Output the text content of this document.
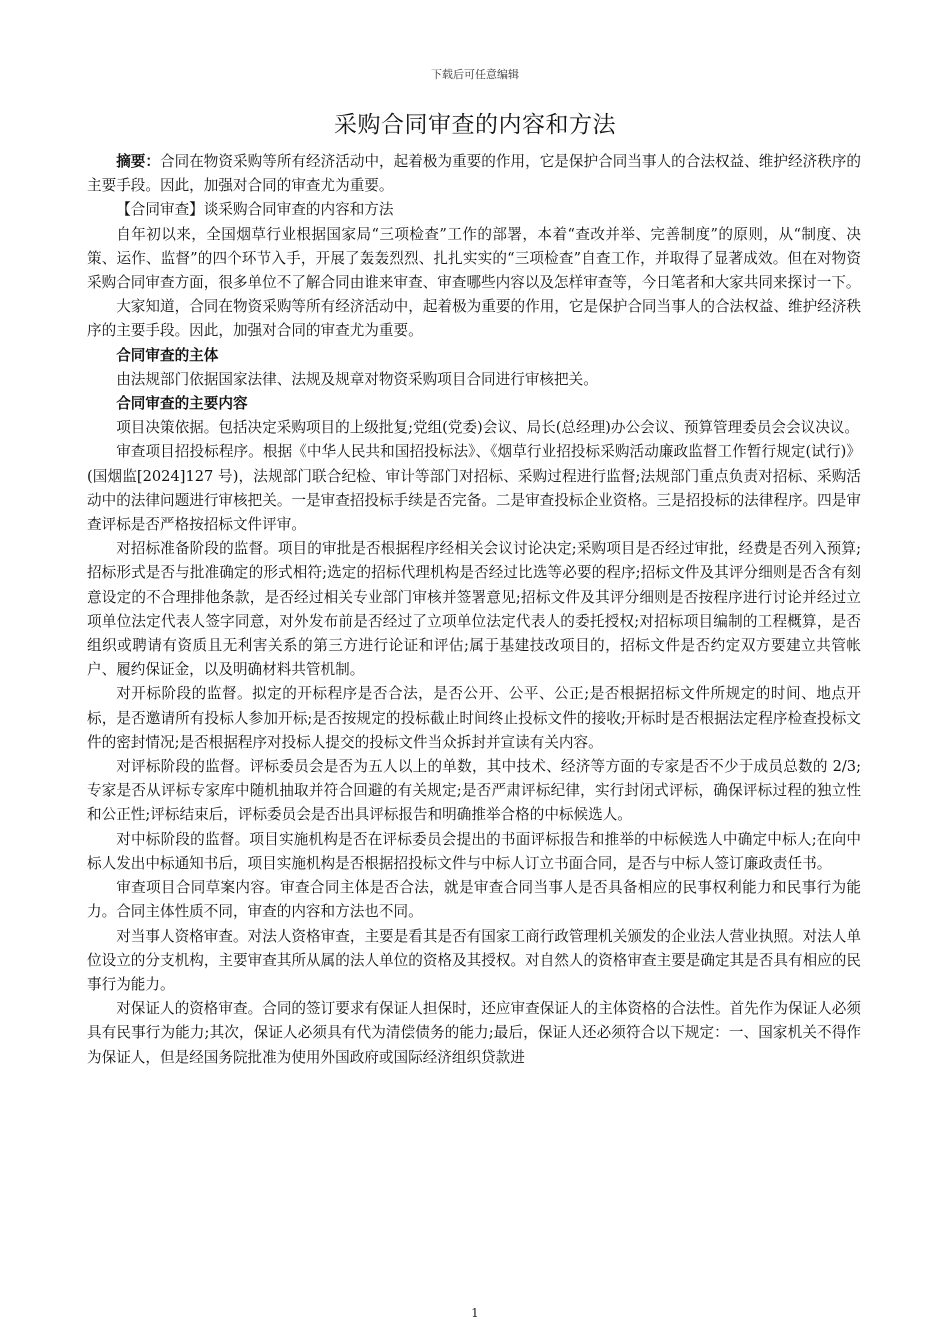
下载后可任意编辑
采购合同审查的内容和方法

摘要：合同在物资采购等所有经济活动中，起着极为重要的作用，它是保护合同当事人的合法权益、维护经济秩序的主要手段。因此，加强对合同的审查尤为重要。

【合同审查】谈采购合同审查的内容和方法

自年初以来，全国烟草行业根据国家局“三项检查”工作的部署，本着“查改并举、完善制度”的原则，从“制度、决策、运作、监督”的四个环节入手，开展了轰轰烈烈、扎扎实实的“三项检查”自查工作，并取得了显著成效。但在对物资采购合同审查方面，很多单位不了解合同由谁来审查、审查哪些内容以及怎样审查等，今日笔者和大家共同来探讨一下。

大家知道，合同在物资采购等所有经济活动中，起着极为重要的作用，它是保护合同当事人的合法权益、维护经济秩序的主要手段。因此，加强对合同的审查尤为重要。

合同审查的主体

由法规部门依据国家法律、法规及规章对物资采购项目合同进行审核把关。

合同审查的主要内容

项目决策依据。包括决定采购项目的上级批复;党组(党委)会议、局长(总经理)办公会议、预算管理委员会会议决议。

审查项目招投标程序。根据《中华人民共和国招投标法》、《烟草行业招投标采购活动廉政监督工作暂行规定(试行)》(国烟监[2024]127 号)，法规部门联合纪检、审计等部门对招标、采购过程进行监督;法规部门重点负责对招标、采购活动中的法律问题进行审核把关。一是审查招投标手续是否完备。二是审查投标企业资格。三是招投标的法律程序。四是审查评标是否严格按招标文件评审。

对招标准备阶段的监督。项目的审批是否根据程序经相关会议讨论决定;采购项目是否经过审批，经费是否列入预算;招标形式是否与批准确定的形式相符;选定的招标代理机构是否经过比选等必要的程序;招标文件及其评分细则是否含有刻意设定的不合理排他条款，是否经过相关专业部门审核并签署意见;招标文件及其评分细则是否按程序进行讨论并经过立项单位法定代表人签字同意，对外发布前是否经过了立项单位法定代表人的委托授权;对招标项目编制的工程概算，是否组织或聘请有资质且无利害关系的第三方进行论证和评估;属于基建技改项目的，招标文件是否约定双方要建立共管帐户、履约保证金，以及明确材料共管机制。

对开标阶段的监督。拟定的开标程序是否合法，是否公开、公平、公正;是否根据招标文件所规定的时间、地点开标，是否邀请所有投标人参加开标;是否按规定的投标截止时间终止投标文件的接收;开标时是否根据法定程序检查投标文件的密封情况;是否根据程序对投标人提交的投标文件当众拆封并宣读有关内容。

对评标阶段的监督。评标委员会是否为五人以上的单数，其中技术、经济等方面的专家是否不少于成员总数的 2/3;专家是否从评标专家库中随机抽取并符合回避的有关规定;是否严肃评标纪律，实行封闭式评标，确保评标过程的独立性和公正性;评标结束后，评标委员会是否出具评标报告和明确推举合格的中标候选人。

对中标阶段的监督。项目实施机构是否在评标委员会提出的书面评标报告和推举的中标候选人中确定中标人;在向中标人发出中标通知书后，项目实施机构是否根据招投标文件与中标人订立书面合同，是否与中标人签订廉政责任书。

审查项目合同草案内容。审查合同主体是否合法，就是审查合同当事人是否具备相应的民事权利能力和民事行为能力。合同主体性质不同，审查的内容和方法也不同。

对当事人资格审查。对法人资格审查，主要是看其是否有国家工商行政管理机关颁发的企业法人营业执照。对法人单位设立的分支机构，主要审查其所从属的法人单位的资格及其授权。对自然人的资格审查主要是确定其是否具有相应的民事行为能力。

对保证人的资格审查。合同的签订要求有保证人担保时，还应审查保证人的主体资格的合法性。首先作为保证人必须具有民事行为能力;其次，保证人必须具有代为清偿债务的能力;最后，保证人还必须符合以下规定：一、国家机关不得作为保证人，但是经国务院批准为使用外国政府或国际经济组织贷款进

1
